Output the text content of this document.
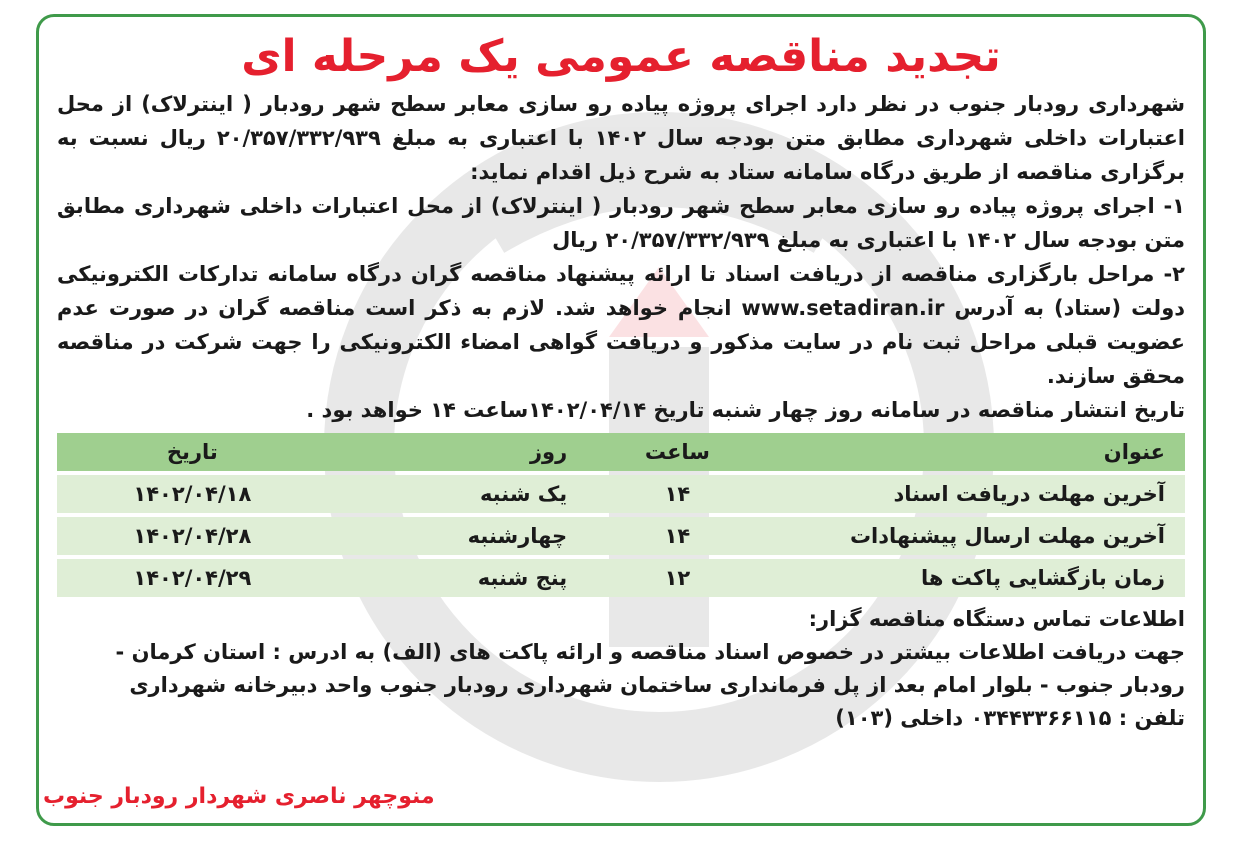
تجدید مناقصه عمومی یک مرحله ای

شهرداری رودبار جنوب در نظر دارد اجرای پروژه پیاده رو سازی معابر سطح شهر رودبار ( اینترلاک) از محل اعتبارات داخلی شهرداری مطابق متن بودجه سال ۱۴۰۲ با اعتباری به مبلغ ۲۰/۳۵۷/۳۳۲/۹۳۹ ریال نسبت به برگزاری مناقصه از طریق درگاه سامانه ستاد به شرح ذیل اقدام نماید:

۱- اجرای پروژه پیاده رو سازی معابر سطح شهر رودبار ( اینترلاک) از محل اعتبارات داخلی شهرداری مطابق متن بودجه سال ۱۴۰۲ با اعتباری به مبلغ ۲۰/۳۵۷/۳۳۲/۹۳۹ ریال

۲- مراحل بارگزاری مناقصه از دریافت اسناد تا ارائه پیشنهاد مناقصه گران درگاه سامانه تدارکات الکترونیکی دولت (ستاد) به آدرس www.setadiran.ir انجام خواهد شد. لازم به ذکر است مناقصه گران در صورت عدم عضویت قبلی مراحل ثبت نام در سایت مذکور و دریافت گواهی امضاء الکترونیکی را جهت شرکت در مناقصه محقق سازند.

تاریخ انتشار مناقصه در سامانه روز چهار شنبه تاریخ ۱۴۰۲/۰۴/۱۴ساعت ۱۴ خواهد بود .

عنوان	ساعت	روز	تاریخ
آخرین مهلت دریافت اسناد	۱۴	یک شنبه	۱۴۰۲/۰۴/۱۸
آخرین مهلت ارسال پیشنهادات	۱۴	چهارشنبه	۱۴۰۲/۰۴/۲۸
زمان بازگشایی پاکت ها	۱۲	پنج شنبه	۱۴۰۲/۰۴/۲۹

اطلاعات تماس دستگاه مناقصه گزار:

جهت دریافت اطلاعات بیشتر در خصوص اسناد مناقصه و ارائه پاکت های (الف) به ادرس : استان کرمان - رودبار جنوب - بلوار امام بعد از پل فرمانداری ساختمان شهرداری رودبار جنوب واحد دبیرخانه شهرداری

تلفن : ۰۳۴۴۳۳۶۶۱۱۵ داخلی (۱۰۳)

منوچهر ناصری شهردار رودبار جنوب
